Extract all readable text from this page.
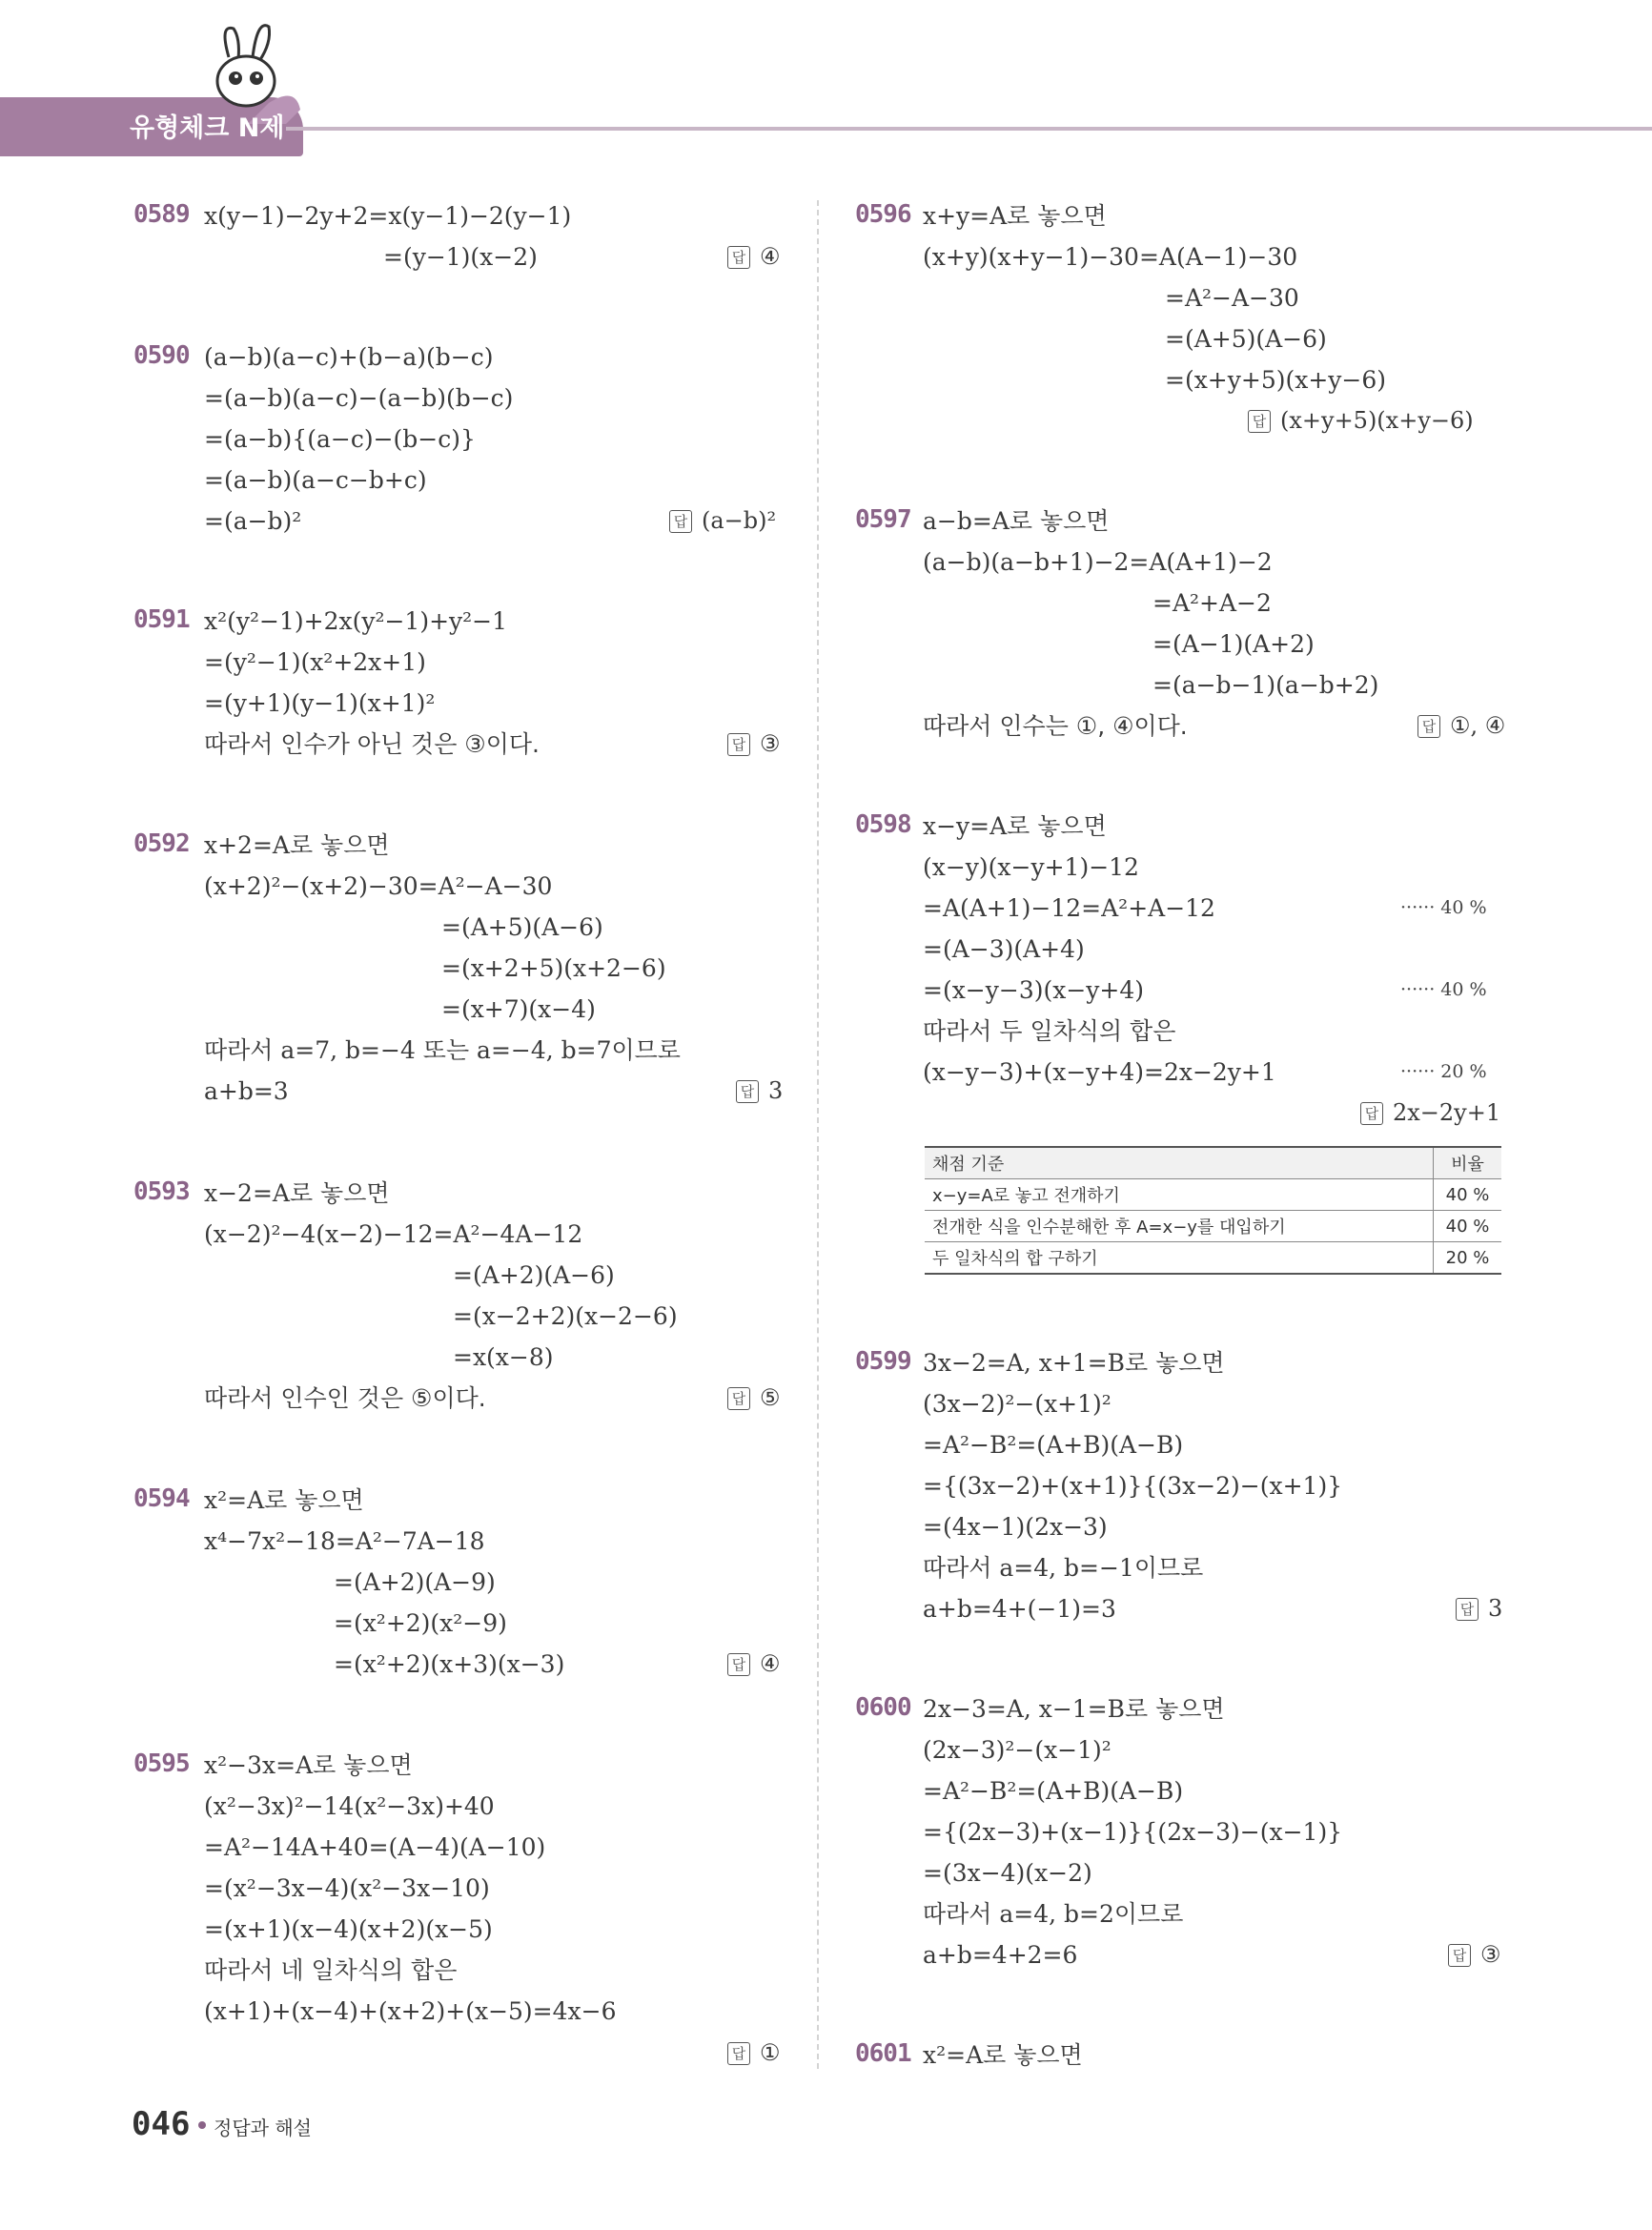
유형체크 N제
0589 x(y−1)−2y+2=x(y−1)−2(y−1)
=(y−1)(x−2)	답 ④
0590 (a−b)(a−c)+(b−a)(b−c)
=(a−b)(a−c)−(a−b)(b−c)
=(a−b){(a−c)−(b−c)}
=(a−b)(a−c−b+c)
=(a−b)²	답 (a−b)²
0591 x²(y²−1)+2x(y²−1)+y²−1
=(y²−1)(x²+2x+1)
=(y+1)(y−1)(x+1)²
따라서 인수가 아닌 것은 ③이다.	답 ③
0592 x+2=A로 놓으면
(x+2)²−(x+2)−30=A²−A−30
=(A+5)(A−6)
=(x+2+5)(x+2−6)
=(x+7)(x−4)
따라서 a=7, b=−4 또는 a=−4, b=7이므로
a+b=3	답 3
0593 x−2=A로 놓으면
(x−2)²−4(x−2)−12=A²−4A−12
=(A+2)(A−6)
=(x−2+2)(x−2−6)
=x(x−8)
따라서 인수인 것은 ⑤이다.	답 ⑤
0594 x²=A로 놓으면
x⁴−7x²−18=A²−7A−18
=(A+2)(A−9)
=(x²+2)(x²−9)
=(x²+2)(x+3)(x−3)	답 ④
0595 x²−3x=A로 놓으면
(x²−3x)²−14(x²−3x)+40
=A²−14A+40=(A−4)(A−10)
=(x²−3x−4)(x²−3x−10)
=(x+1)(x−4)(x+2)(x−5)
따라서 네 일차식의 합은
(x+1)+(x−4)+(x+2)+(x−5)=4x−6
답 ①
0596 x+y=A로 놓으면
(x+y)(x+y−1)−30=A(A−1)−30
=A²−A−30
=(A+5)(A−6)
=(x+y+5)(x+y−6)
답 (x+y+5)(x+y−6)
0597 a−b=A로 놓으면
(a−b)(a−b+1)−2=A(A+1)−2
=A²+A−2
=(A−1)(A+2)
=(a−b−1)(a−b+2)
따라서 인수는 ①, ④이다.	답 ①, ④
0598 x−y=A로 놓으면
(x−y)(x−y+1)−12
=A(A+1)−12=A²+A−12	······ 40 %
=(A−3)(A+4)
=(x−y−3)(x−y+4)	······ 40 %
따라서 두 일차식의 합은
(x−y−3)+(x−y+4)=2x−2y+1	······ 20 %
답 2x−2y+1
채점 기준	비율
x−y=A로 놓고 전개하기	40 %
전개한 식을 인수분해한 후 A=x−y를 대입하기	40 %
두 일차식의 합 구하기	20 %
0599 3x−2=A, x+1=B로 놓으면
(3x−2)²−(x+1)²
=A²−B²=(A+B)(A−B)
={(3x−2)+(x+1)}{(3x−2)−(x+1)}
=(4x−1)(2x−3)
따라서 a=4, b=−1이므로
a+b=4+(−1)=3	답 3
0600 2x−3=A, x−1=B로 놓으면
(2x−3)²−(x−1)²
=A²−B²=(A+B)(A−B)
={(2x−3)+(x−1)}{(2x−3)−(x−1)}
=(3x−4)(x−2)
따라서 a=4, b=2이므로
a+b=4+2=6	답 ③
0601 x²=A로 놓으면
046 정답과 해설
